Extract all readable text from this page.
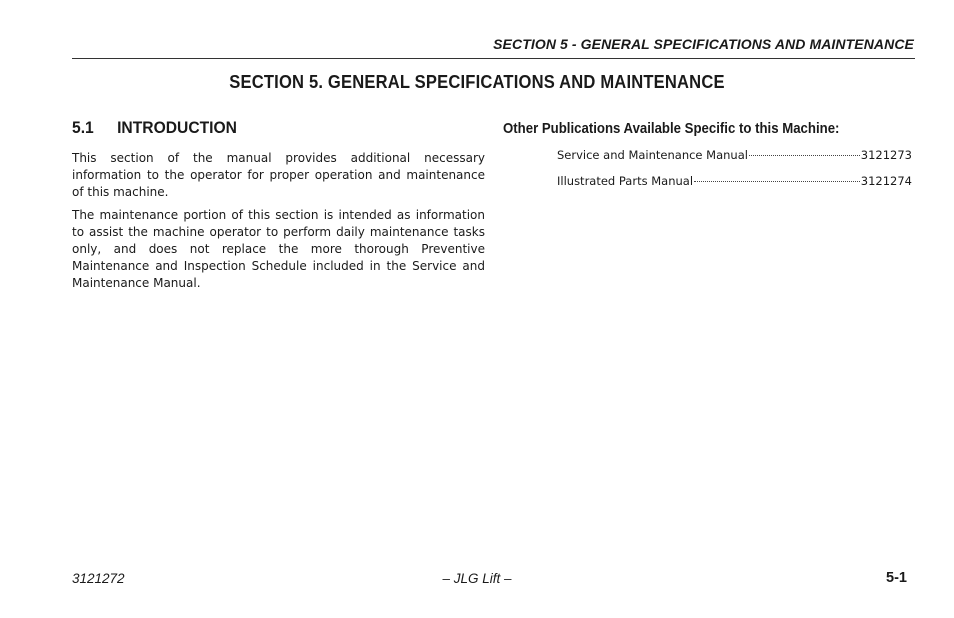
SECTION 5 - GENERAL SPECIFICATIONS AND MAINTENANCE
SECTION 5. GENERAL SPECIFICATIONS AND MAINTENANCE
5.1	INTRODUCTION

This section of the manual provides additional necessary information to the operator for proper operation and maintenance of this machine.

The maintenance portion of this section is intended as information to assist the machine operator to perform daily maintenance tasks only, and does not replace the more thorough Preventive Maintenance and Inspection Schedule included in the Service and Maintenance Manual.

Other Publications Available Specific to this Machine:
Service and Maintenance Manual	3121273
Illustrated Parts Manual	3121274
3121272	– JLG Lift –	5-1
